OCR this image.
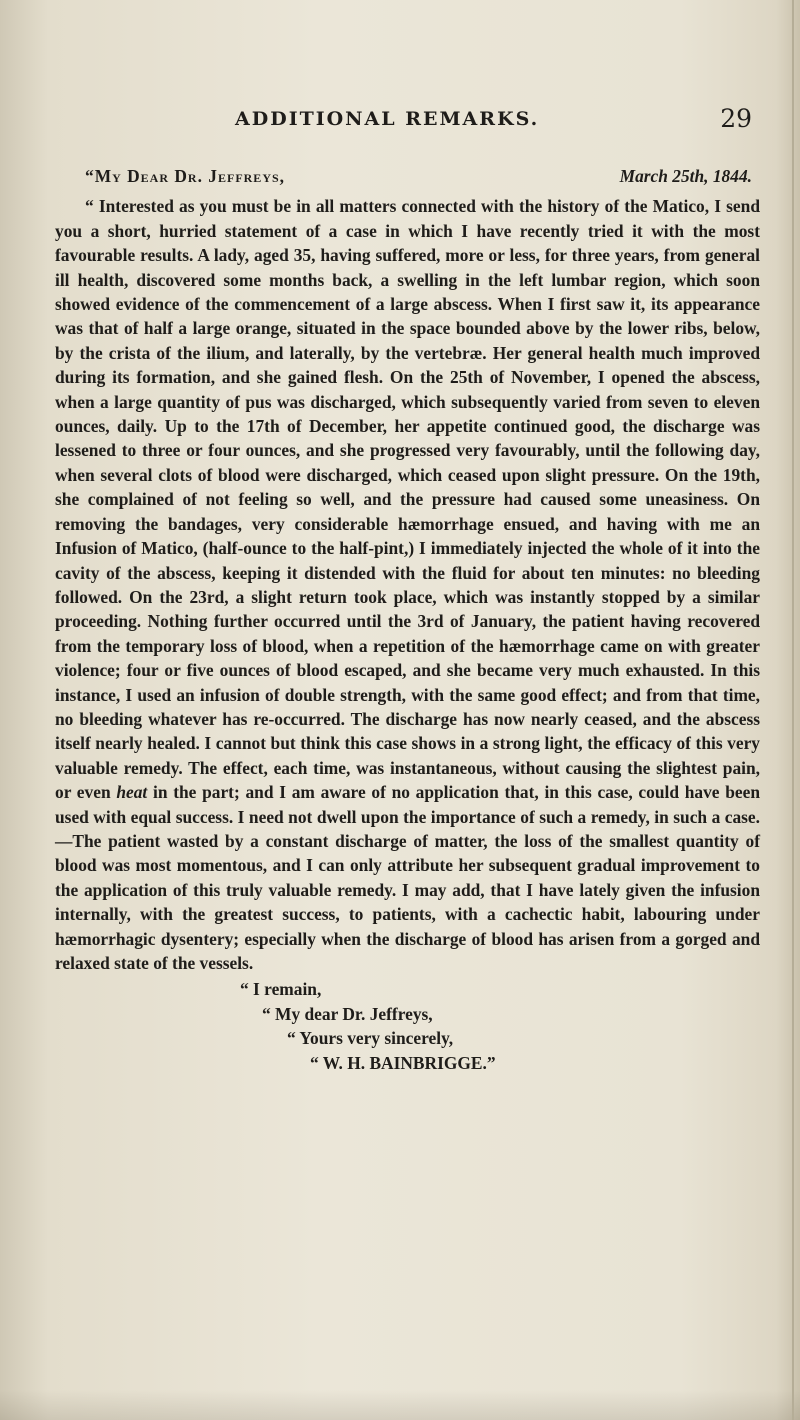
ADDITIONAL REMARKS.	29
“My Dear Dr. Jeffreys,	March 25th, 1844.

“ Interested as you must be in all matters connected with the history of the Matico, I send you a short, hurried statement of a case in which I have recently tried it with the most favourable results. A lady, aged 35, having suffered, more or less, for three years, from general ill health, discovered some months back, a swelling in the left lumbar region, which soon showed evidence of the commencement of a large abscess. When I first saw it, its appearance was that of half a large orange, situated in the space bounded above by the lower ribs, below, by the crista of the ilium, and laterally, by the vertebræ. Her general health much improved during its formation, and she gained flesh. On the 25th of November, I opened the abscess, when a large quantity of pus was discharged, which subsequently varied from seven to eleven ounces, daily. Up to the 17th of December, her appetite continued good, the discharge was lessened to three or four ounces, and she progressed very favourably, until the following day, when several clots of blood were discharged, which ceased upon slight pressure. On the 19th, she complained of not feeling so well, and the pressure had caused some uneasiness. On removing the bandages, very considerable hæmorrhage ensued, and having with me an Infusion of Matico, (half-ounce to the half-pint,) I immediately injected the whole of it into the cavity of the abscess, keeping it distended with the fluid for about ten minutes: no bleeding followed. On the 23rd, a slight return took place, which was instantly stopped by a similar proceeding. Nothing further occurred until the 3rd of January, the patient having recovered from the temporary loss of blood, when a repetition of the hæmorrhage came on with greater violence; four or five ounces of blood escaped, and she became very much exhausted. In this instance, I used an infusion of double strength, with the same good effect; and from that time, no bleeding whatever has re-occurred. The discharge has now nearly ceased, and the abscess itself nearly healed. I cannot but think this case shows in a strong light, the efficacy of this very valuable remedy. The effect, each time, was instantaneous, without causing the slightest pain, or even heat in the part; and I am aware of no application that, in this case, could have been used with equal success. I need not dwell upon the importance of such a remedy, in such a case.—The patient wasted by a constant discharge of matter, the loss of the smallest quantity of blood was most momentous, and I can only attribute her subsequent gradual improvement to the application of this truly valuable remedy. I may add, that I have lately given the infusion internally, with the greatest success, to patients, with a cachectic habit, labouring under hæmorrhagic dysentery; especially when the discharge of blood has arisen from a gorged and relaxed state of the vessels.

“ I remain,
“ My dear Dr. Jeffreys,
“ Yours very sincerely,
“ W. H. BAINBRIGGE.”
